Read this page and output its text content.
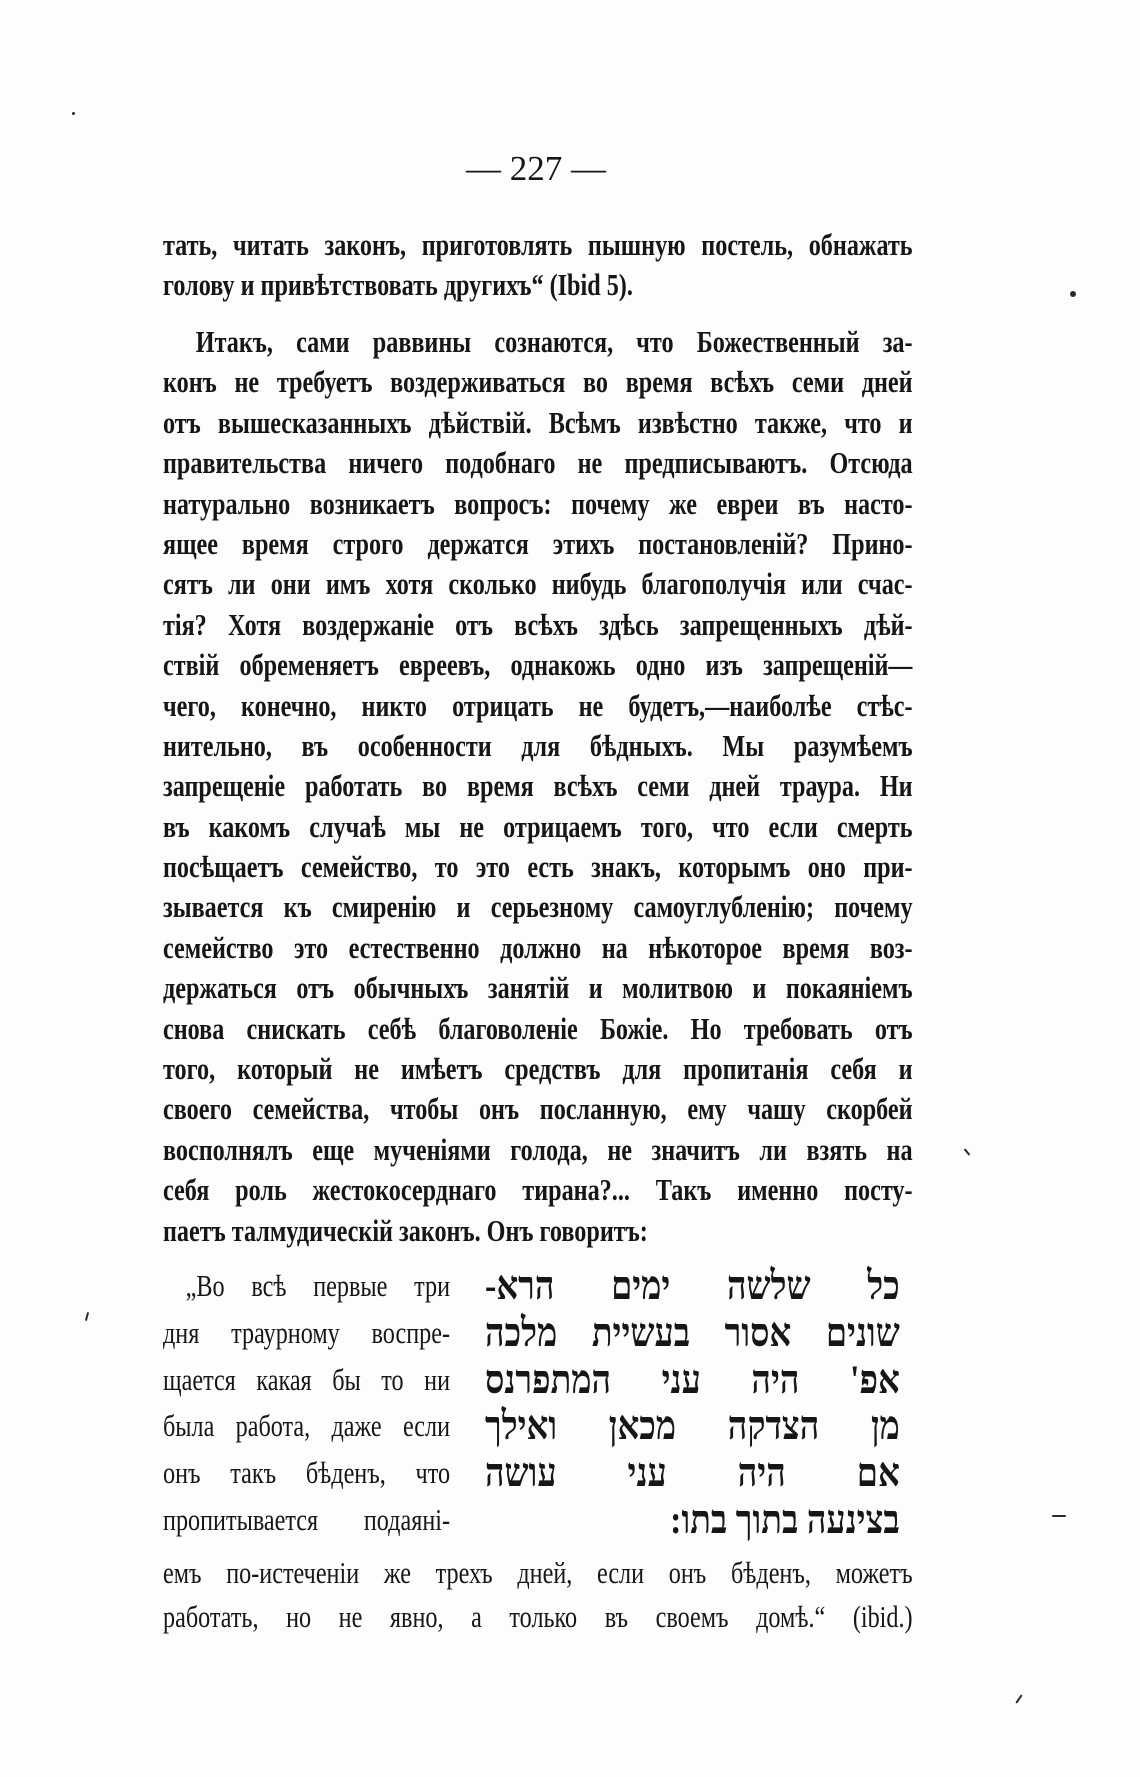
— 227 —
тать, читать законъ, приготовлять пышную постель, обнажать
голову и привѣтствовать другихъ“ (Ibid 5).
Итакъ, сами раввины сознаются, что Божественный за-
конъ не требуетъ воздерживаться во время всѣхъ семи дней
отъ вышесказанныхъ дѣйствій. Всѣмъ извѣстно также, что и
правительства ничего подобнаго не предписываютъ. Отсюда
натурально возникаетъ вопросъ: почему же евреи въ насто-
ящее время строго держатся этихъ постановленій? Прино-
сятъ ли они имъ хотя сколько нибудь благополучія или счас-
тія? Хотя воздержаніе отъ всѣхъ здѣсь запрещенныхъ дѣй-
ствій обременяетъ евреевъ, однакожь одно изъ запрещеній—
чего, конечно, никто отрицать не будетъ,—наиболѣе стѣс-
нительно, въ особенности для бѣдныхъ. Мы разумѣемъ
запрещеніе работать во время всѣхъ семи дней траура. Ни
въ какомъ случаѣ мы не отрицаемъ того, что если смерть
посѣщаетъ семейство, то это есть знакъ, которымъ оно при-
зывается къ смиренію и серьезному самоуглубленію; почему
семейство это естественно должно на нѣкоторое время воз-
держаться отъ обычныхъ занятій и молитвою и покаяніемъ
снова снискать себѣ благоволеніе Божіе. Но требовать отъ
того, который не имѣетъ средствъ для пропитанія себя и
своего семейства, чтобы онъ посланную, ему чашу скорбей
восполнялъ еще мученіями голода, не значитъ ли взять на
себя роль жестокосерднаго тирана?... Такъ именно посту-
паетъ талмудическій законъ. Онъ говоритъ:
„Во всѣ первые три
дня траурному воспре-
щается какая бы то ни
была работа, даже если
онъ такъ бѣденъ, что
пропитывается подаяні-
כל שלשה ימים הרא-
שונים אסור בעשיית מלכה
אפ' היה עני המתפרנס
מן הצדקה מכאן ואילך
אם היה עני עושה
בצינעה בתוך בתו:
емъ по-истеченіи же трехъ дней, если онъ бѣденъ, можетъ
работать, но не явно, а только въ своемъ домѣ.“ (ibid.)
